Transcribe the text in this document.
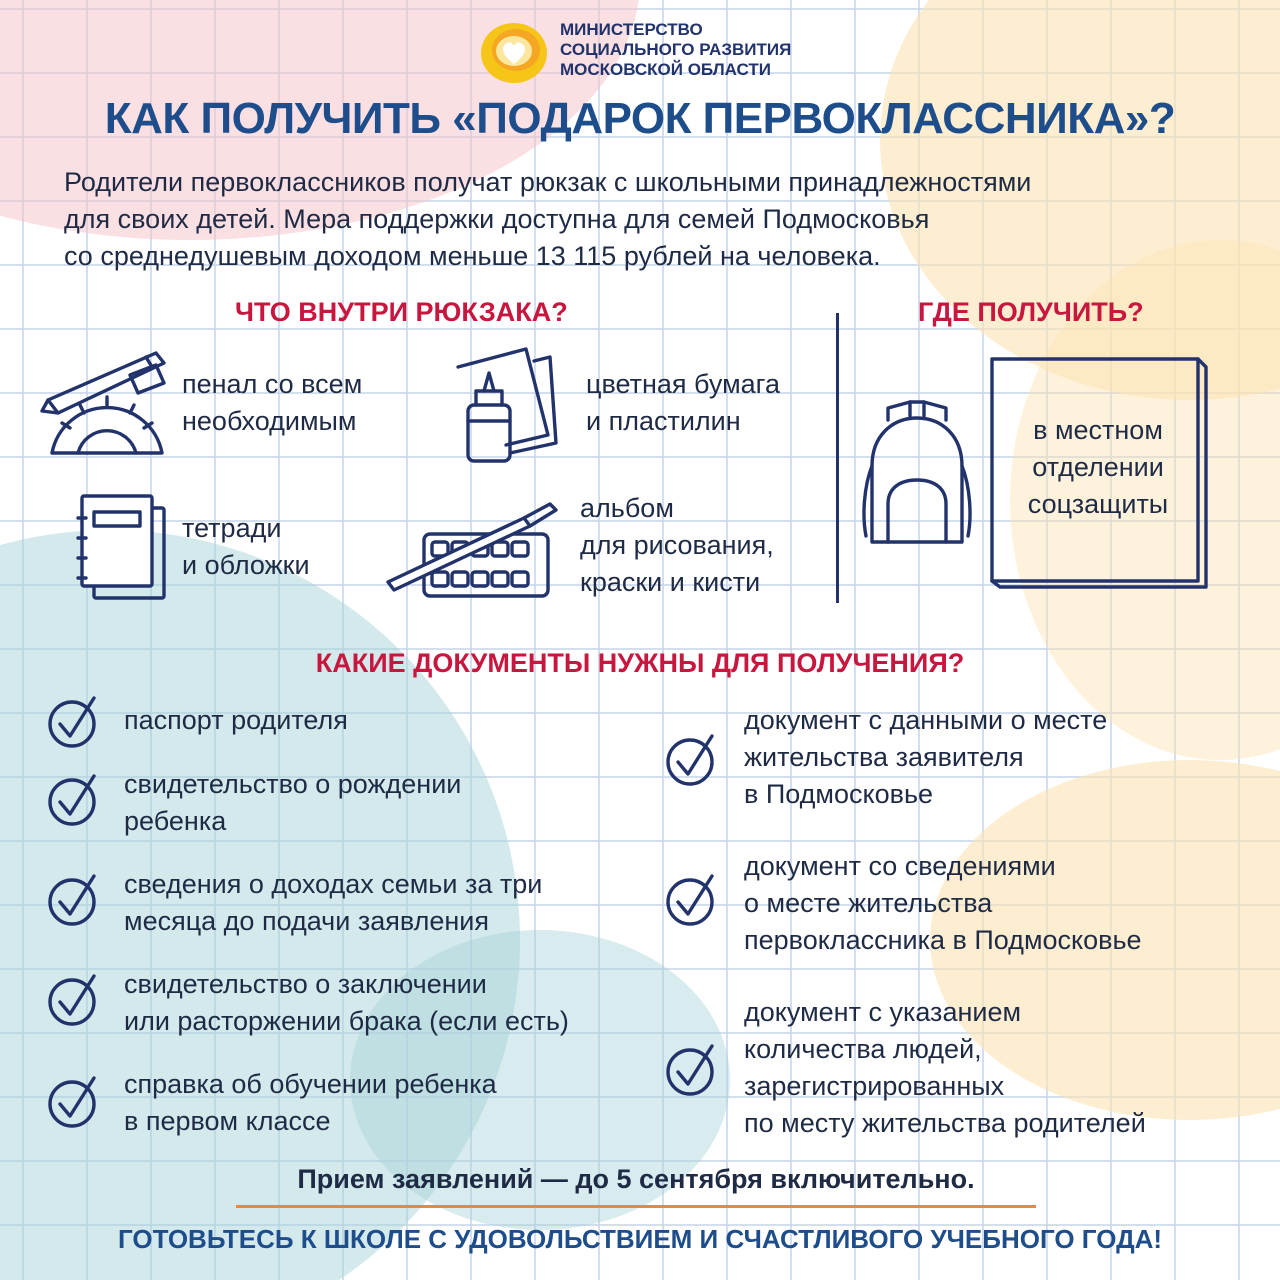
МИНИСТЕРСТВО
СОЦИАЛЬНОГО РАЗВИТИЯ
МОСКОВСКОЙ ОБЛАСТИ
КАК ПОЛУЧИТЬ «ПОДАРОК ПЕРВОКЛАССНИКА»?
Родители первоклассников получат рюкзак с школьными принадлежностями
для своих детей. Мера поддержки доступна для семей Подмосковья
со среднедушевым доходом меньше 13 115 рублей на человека.
ЧТО ВНУТРИ РЮКЗАКА?
пенал со всем
необходимым
цветная бумага
и пластилин
тетради
и обложки
альбом
для рисования,
краски и кисти
ГДЕ ПОЛУЧИТЬ?
в местном
отделении
соцзащиты
КАКИЕ ДОКУМЕНТЫ НУЖНЫ ДЛЯ ПОЛУЧЕНИЯ?
паспорт родителя
свидетельство о рождении
ребенка
сведения о доходах семьи за три
месяца до подачи заявления
свидетельство о заключении
или расторжении брака (если есть)
справка об обучении ребенка
в первом классе
документ с данными о месте
жительства заявителя
в Подмосковье
документ со сведениями
о месте жительства
первоклассника в Подмосковье
документ с указанием
количества людей,
зарегистрированных
по месту жительства родителей
Прием заявлений — до 5 сентября включительно.
ГОТОВЬТЕСЬ К ШКОЛЕ С УДОВОЛЬСТВИЕМ И СЧАСТЛИВОГО УЧЕБНОГО ГОДА!
